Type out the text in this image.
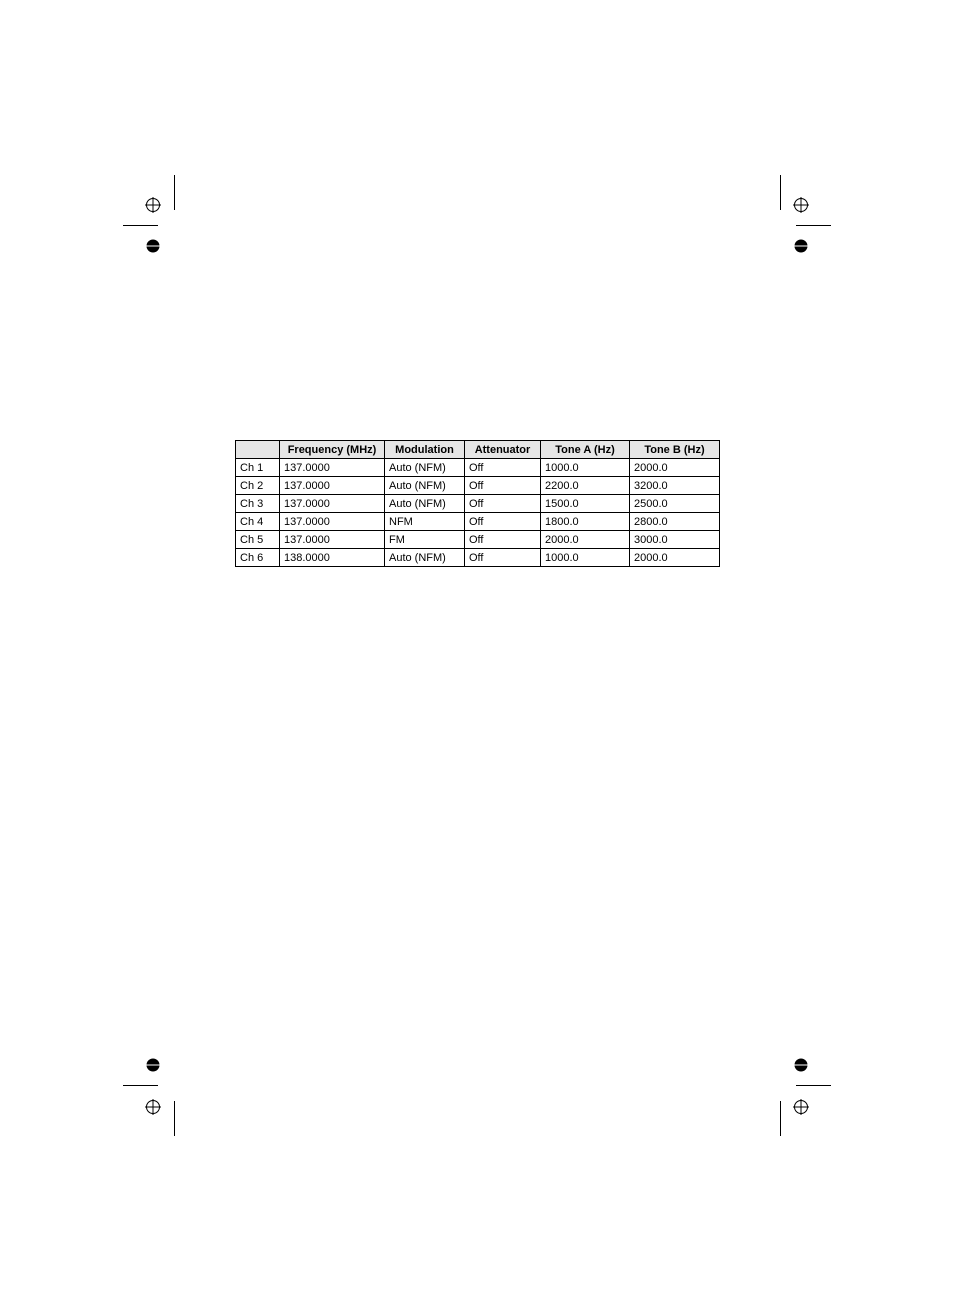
	Frequency (MHz)	Modulation	Attenuator	Tone A (Hz)	Tone B (Hz)
Ch 1	137.0000	Auto (NFM)	Off	1000.0	2000.0
Ch 2	137.0000	Auto (NFM)	Off	2200.0	3200.0
Ch 3	137.0000	Auto (NFM)	Off	1500.0	2500.0
Ch 4	137.0000	NFM	Off	1800.0	2800.0
Ch 5	137.0000	FM	Off	2000.0	3000.0
Ch 6	138.0000	Auto (NFM)	Off	1000.0	2000.0
